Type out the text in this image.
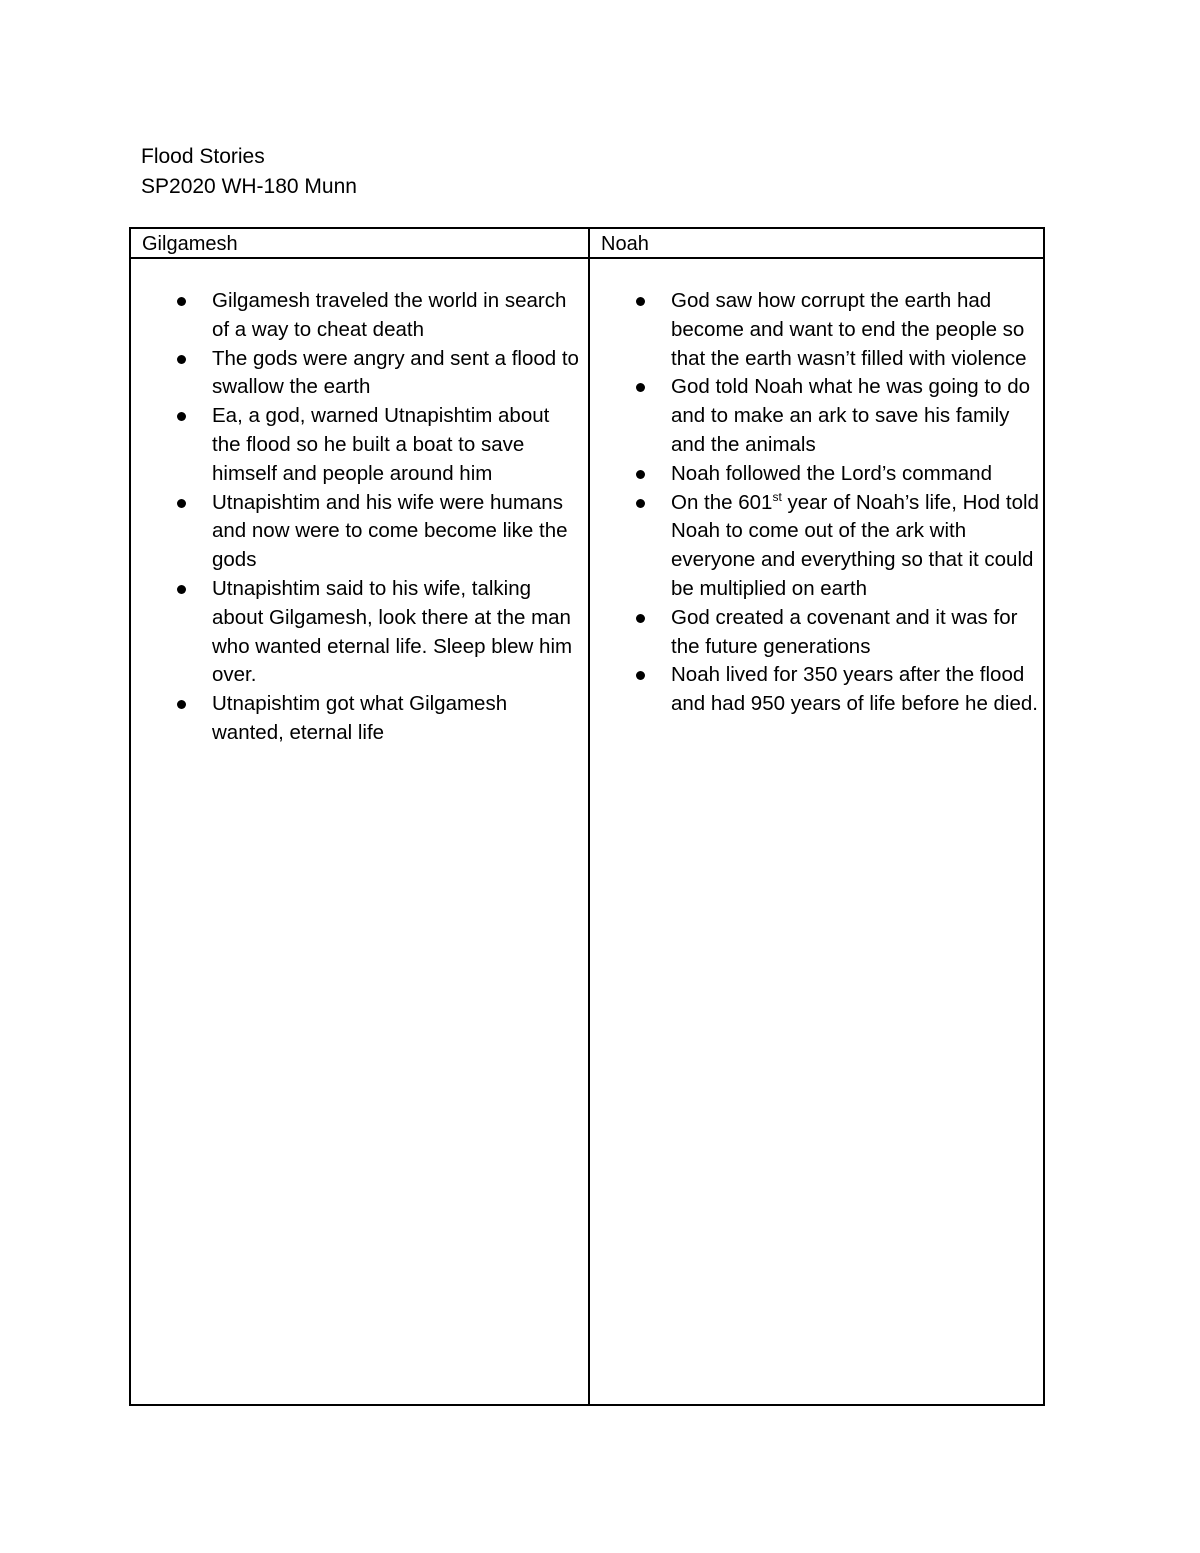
Flood Stories
SP2020 WH-180 Munn
Gilgamesh	Noah
Gilgamesh traveled the world in search of a way to cheat death
The gods were angry and sent a flood to swallow the earth
Ea, a god, warned Utnapishtim about the flood so he built a boat to save himself and people around him
Utnapishtim and his wife were humans and now were to come become like the gods
Utnapishtim said to his wife, talking about Gilgamesh, look there at the man who wanted eternal life. Sleep blew him over.
Utnapishtim got what Gilgamesh wanted, eternal life
God saw how corrupt the earth had become and want to end the people so that the earth wasn’t filled with violence
God told Noah what he was going to do and to make an ark to save his family and the animals
Noah followed the Lord’s command
On the 601st year of Noah’s life, Hod told Noah to come out of the ark with everyone and everything so that it could be multiplied on earth
God created a covenant and it was for the future generations
Noah lived for 350 years after the flood and had 950 years of life before he died.
